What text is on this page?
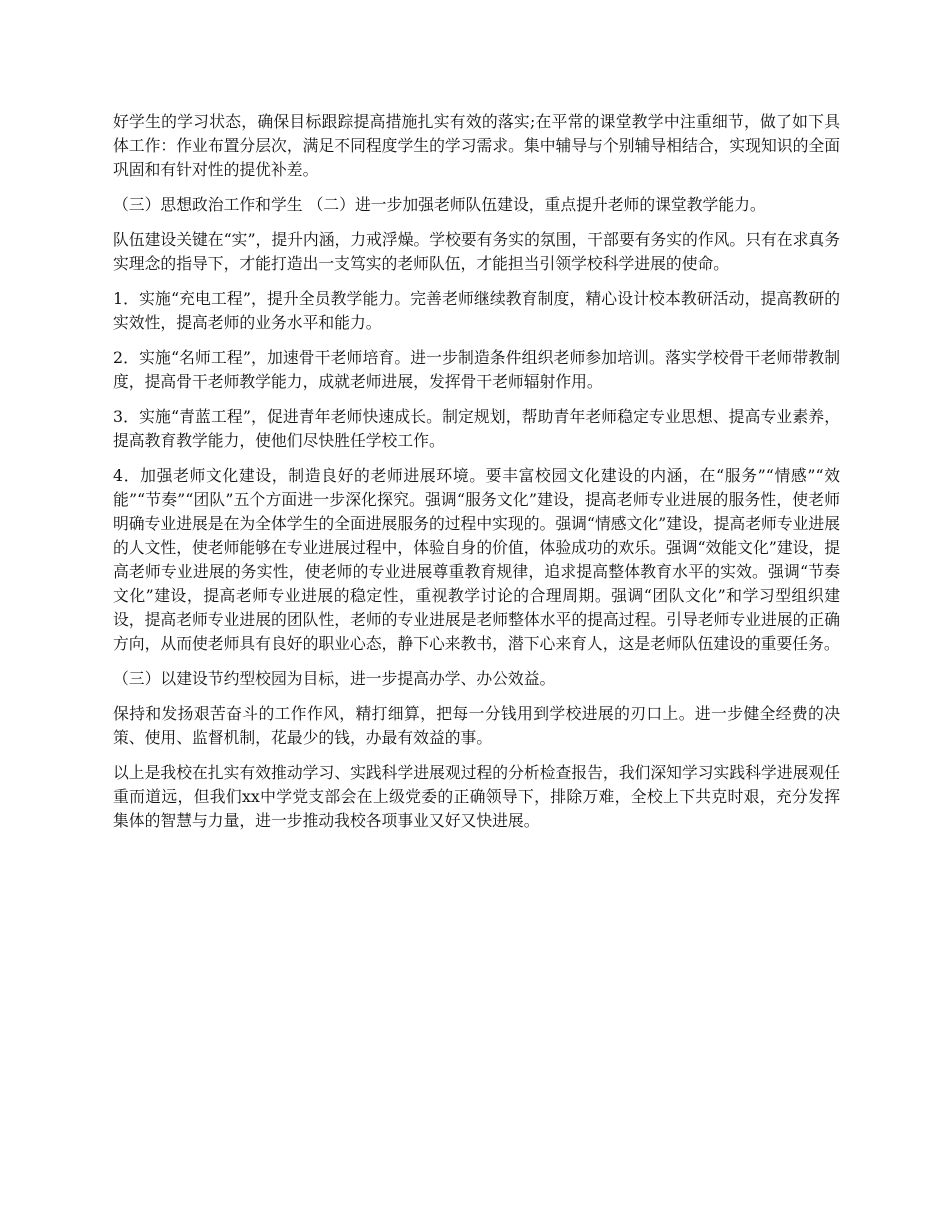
好学生的学习状态，确保目标跟踪提高措施扎实有效的落实;在平常的课堂教学中注重细节，做了如下具体工作：作业布置分层次，满足不同程度学生的学习需求。集中辅导与个别辅导相结合，实现知识的全面巩固和有针对性的提优补差。

（三）思想政治工作和学生 （二）进一步加强老师队伍建设，重点提升老师的课堂教学能力。

队伍建设关键在“实”，提升内涵，力戒浮燥。学校要有务实的氛围，干部要有务实的作风。只有在求真务实理念的指导下，才能打造出一支笃实的老师队伍，才能担当引领学校科学进展的使命。

1．实施“充电工程”，提升全员教学能力。完善老师继续教育制度，精心设计校本教研活动，提高教研的实效性，提高老师的业务水平和能力。

2．实施“名师工程”，加速骨干老师培育。进一步制造条件组织老师参加培训。落实学校骨干老师带教制度，提高骨干老师教学能力，成就老师进展，发挥骨干老师辐射作用。

3．实施“青蓝工程”，促进青年老师快速成长。制定规划，帮助青年老师稳定专业思想、提高专业素养，提高教育教学能力，使他们尽快胜任学校工作。

4．加强老师文化建设，制造良好的老师进展环境。要丰富校园文化建设的内涵，在“服务”“情感”“效能”“节奏”“团队”五个方面进一步深化探究。强调“服务文化”建设，提高老师专业进展的服务性，使老师明确专业进展是在为全体学生的全面进展服务的过程中实现的。强调“情感文化”建设，提高老师专业进展的人文性，使老师能够在专业进展过程中，体验自身的价值，体验成功的欢乐。强调“效能文化”建设，提高老师专业进展的务实性，使老师的专业进展尊重教育规律，追求提高整体教育水平的实效。强调“节奏文化”建设，提高老师专业进展的稳定性，重视教学讨论的合理周期。强调“团队文化”和学习型组织建设，提高老师专业进展的团队性，老师的专业进展是老师整体水平的提高过程。引导老师专业进展的正确方向，从而使老师具有良好的职业心态，静下心来教书，潜下心来育人，这是老师队伍建设的重要任务。

（三）以建设节约型校园为目标，进一步提高办学、办公效益。

保持和发扬艰苦奋斗的工作作风，精打细算，把每一分钱用到学校进展的刃口上。进一步健全经费的决策、使用、监督机制，花最少的钱，办最有效益的事。

以上是我校在扎实有效推动学习、实践科学进展观过程的分析检查报告，我们深知学习实践科学进展观任重而道远，但我们xx中学党支部会在上级党委的正确领导下，排除万难，全校上下共克时艰，充分发挥集体的智慧与力量，进一步推动我校各项事业又好又快进展。
